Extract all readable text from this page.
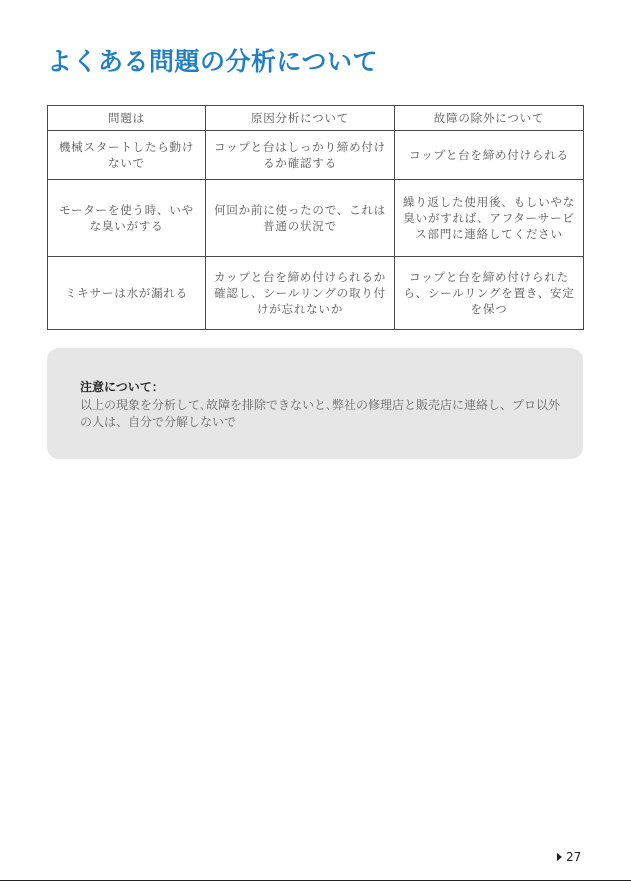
よくある問題の分析について
問題は	原因分析について	故障の除外について
機械スタートしたら動けないで	コップと台はしっかり締め付けるか確認する	コップと台を締め付けられる
モーターを使う時、いやな臭いがする	何回か前に使ったので、これは普通の状況で	繰り返した使用後、もしいやな臭いがすれば、アフターサービス部門に連絡してください
ミキサーは水が漏れる	カップと台を締め付けられるか確認し、シールリングの取り付けが忘れないか	コップと台を締め付けられたら、シールリングを置き、安定を保つ
注意について：
以上の現象を分析して､故障を排除できないと､弊社の修理店と販売店に連絡し、プロ以外の人は、自分で分解しないで
27
